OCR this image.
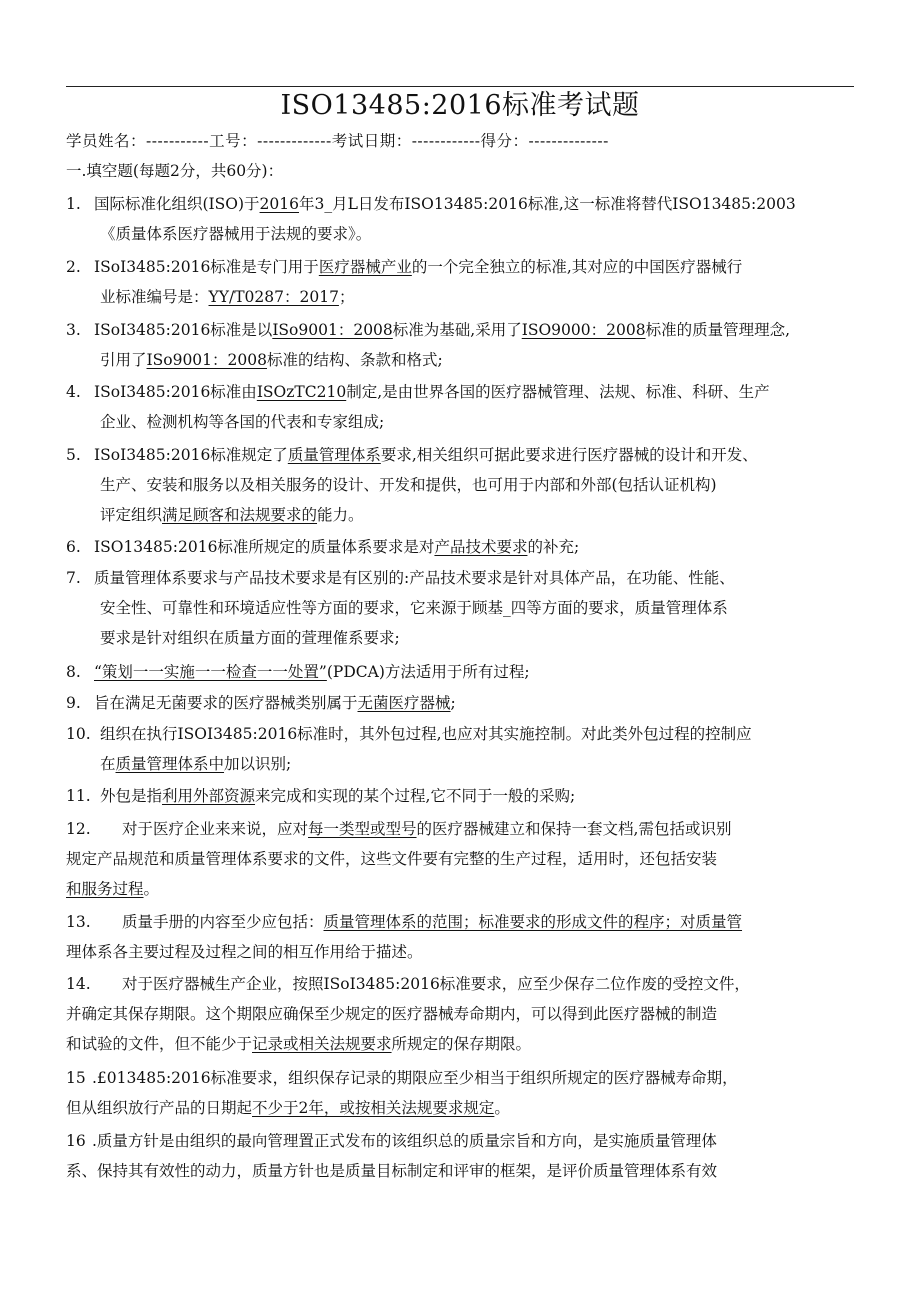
ISO13485:2016标准考试题
学员姓名：-----------工号：-------------考试日期：------------得分：--------------
一.填空题(每题2分，共60分)：
1. 国际标准化组织(ISO)于2016年3_月L日发布ISO13485:2016标准,这一标准将替代ISO13485:2003
《质量体系医疗器械用于法规的要求》。
2. ISoI3485:2016标准是专门用于医疗器械产业的一个完全独立的标准,其对应的中国医疗器械行
业标准编号是：YY/T0287：2017；
3. ISoI3485:2016标准是以ISo9001：2008标准为基础,采用了ISO9000：2008标准的质量管理理念,
引用了ISo9001：2008标准的结构、条款和格式;
4. ISoI3485:2016标准由ISOzTC210制定,是由世界各国的医疗器械管理、法规、标准、科研、生产
企业、检测机构等各国的代表和专家组成;
5. ISoI3485:2016标准规定了质量管理体系要求,相关组织可据此要求进行医疗器械的设计和开发、
生产、安装和服务以及相关服务的设计、开发和提供，也可用于内部和外部(包括认证机构)
评定组织满足顾客和法规要求的能力。
6. ISO13485:2016标准所规定的质量体系要求是对产品技术要求的补充;
7. 质量管理体系要求与产品技术要求是有区别的:产品技术要求是针对具体产品，在功能、性能、
安全性、可靠性和环境适应性等方面的要求，它来源于顾基_四等方面的要求，质量管理体系
要求是针对组织在质量方面的萱理傕系要求;
8. “策划一一实施一一检查一一处置”(PDCA)方法适用于所有过程;
9. 旨在满足无菌要求的医疗器械类别属于无菌医疗器械;
10. 组织在执行ISOI3485:2016标准时，其外包过程,也应对其实施控制。对此类外包过程的控制应
在质量管理体系中加以识别;
11. 外包是指利用外部资源来完成和实现的某个过程,它不同于一般的采购;
12. 对于医疗企业来来说，应对每一类型或型号的医疗器械建立和保持一套文档,需包括或识别
规定产品规范和质量管理体系要求的文件，这些文件要有完整的生产过程，适用时，还包括安装
和服务过程。
13. 质量手册的内容至少应包括：质量管理体系的范围；标准要求的形成文件的程序；对质量管
理体系各主要过程及过程之间的相互作用给于描述。
14. 对于医疗器械生产企业，按照ISoI3485:2016标准要求，应至少保存二位作废的受控文件，
并确定其保存期限。这个期限应确保至少规定的医疗器械寿命期内，可以得到此医疗器械的制造
和试验的文件，但不能少于记录或相关法规要求所规定的保存期限。
15 .£013485:2016标准要求，组织保存记录的期限应至少相当于组织所规定的医疗器械寿命期，
但从组织放行产品的日期起不少于2年，或按相关法规要求规定。
16 .质量方针是由组织的最向管理置正式发布的该组织总的质量宗旨和方向，是实施质量管理体
系、保持其有效性的动力，质量方针也是质量目标制定和评审的框架，是评价质量管理体系有效
